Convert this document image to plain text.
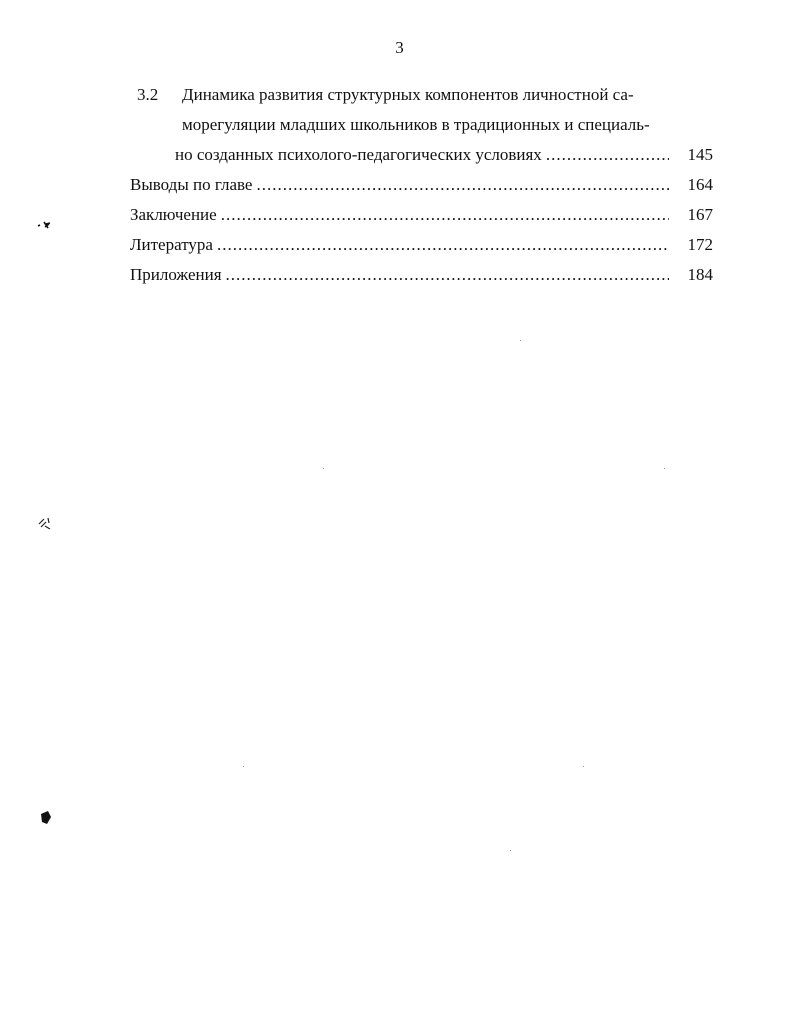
3
3.2	Динамика развития структурных компонентов личностной са-
морегуляции младших школьников в традиционных и специаль-
но созданных психолого-педагогических условиях .....	145
Выводы по главе .....	164
Заключение .....	167
Литература .....	172
Приложения .....	184
